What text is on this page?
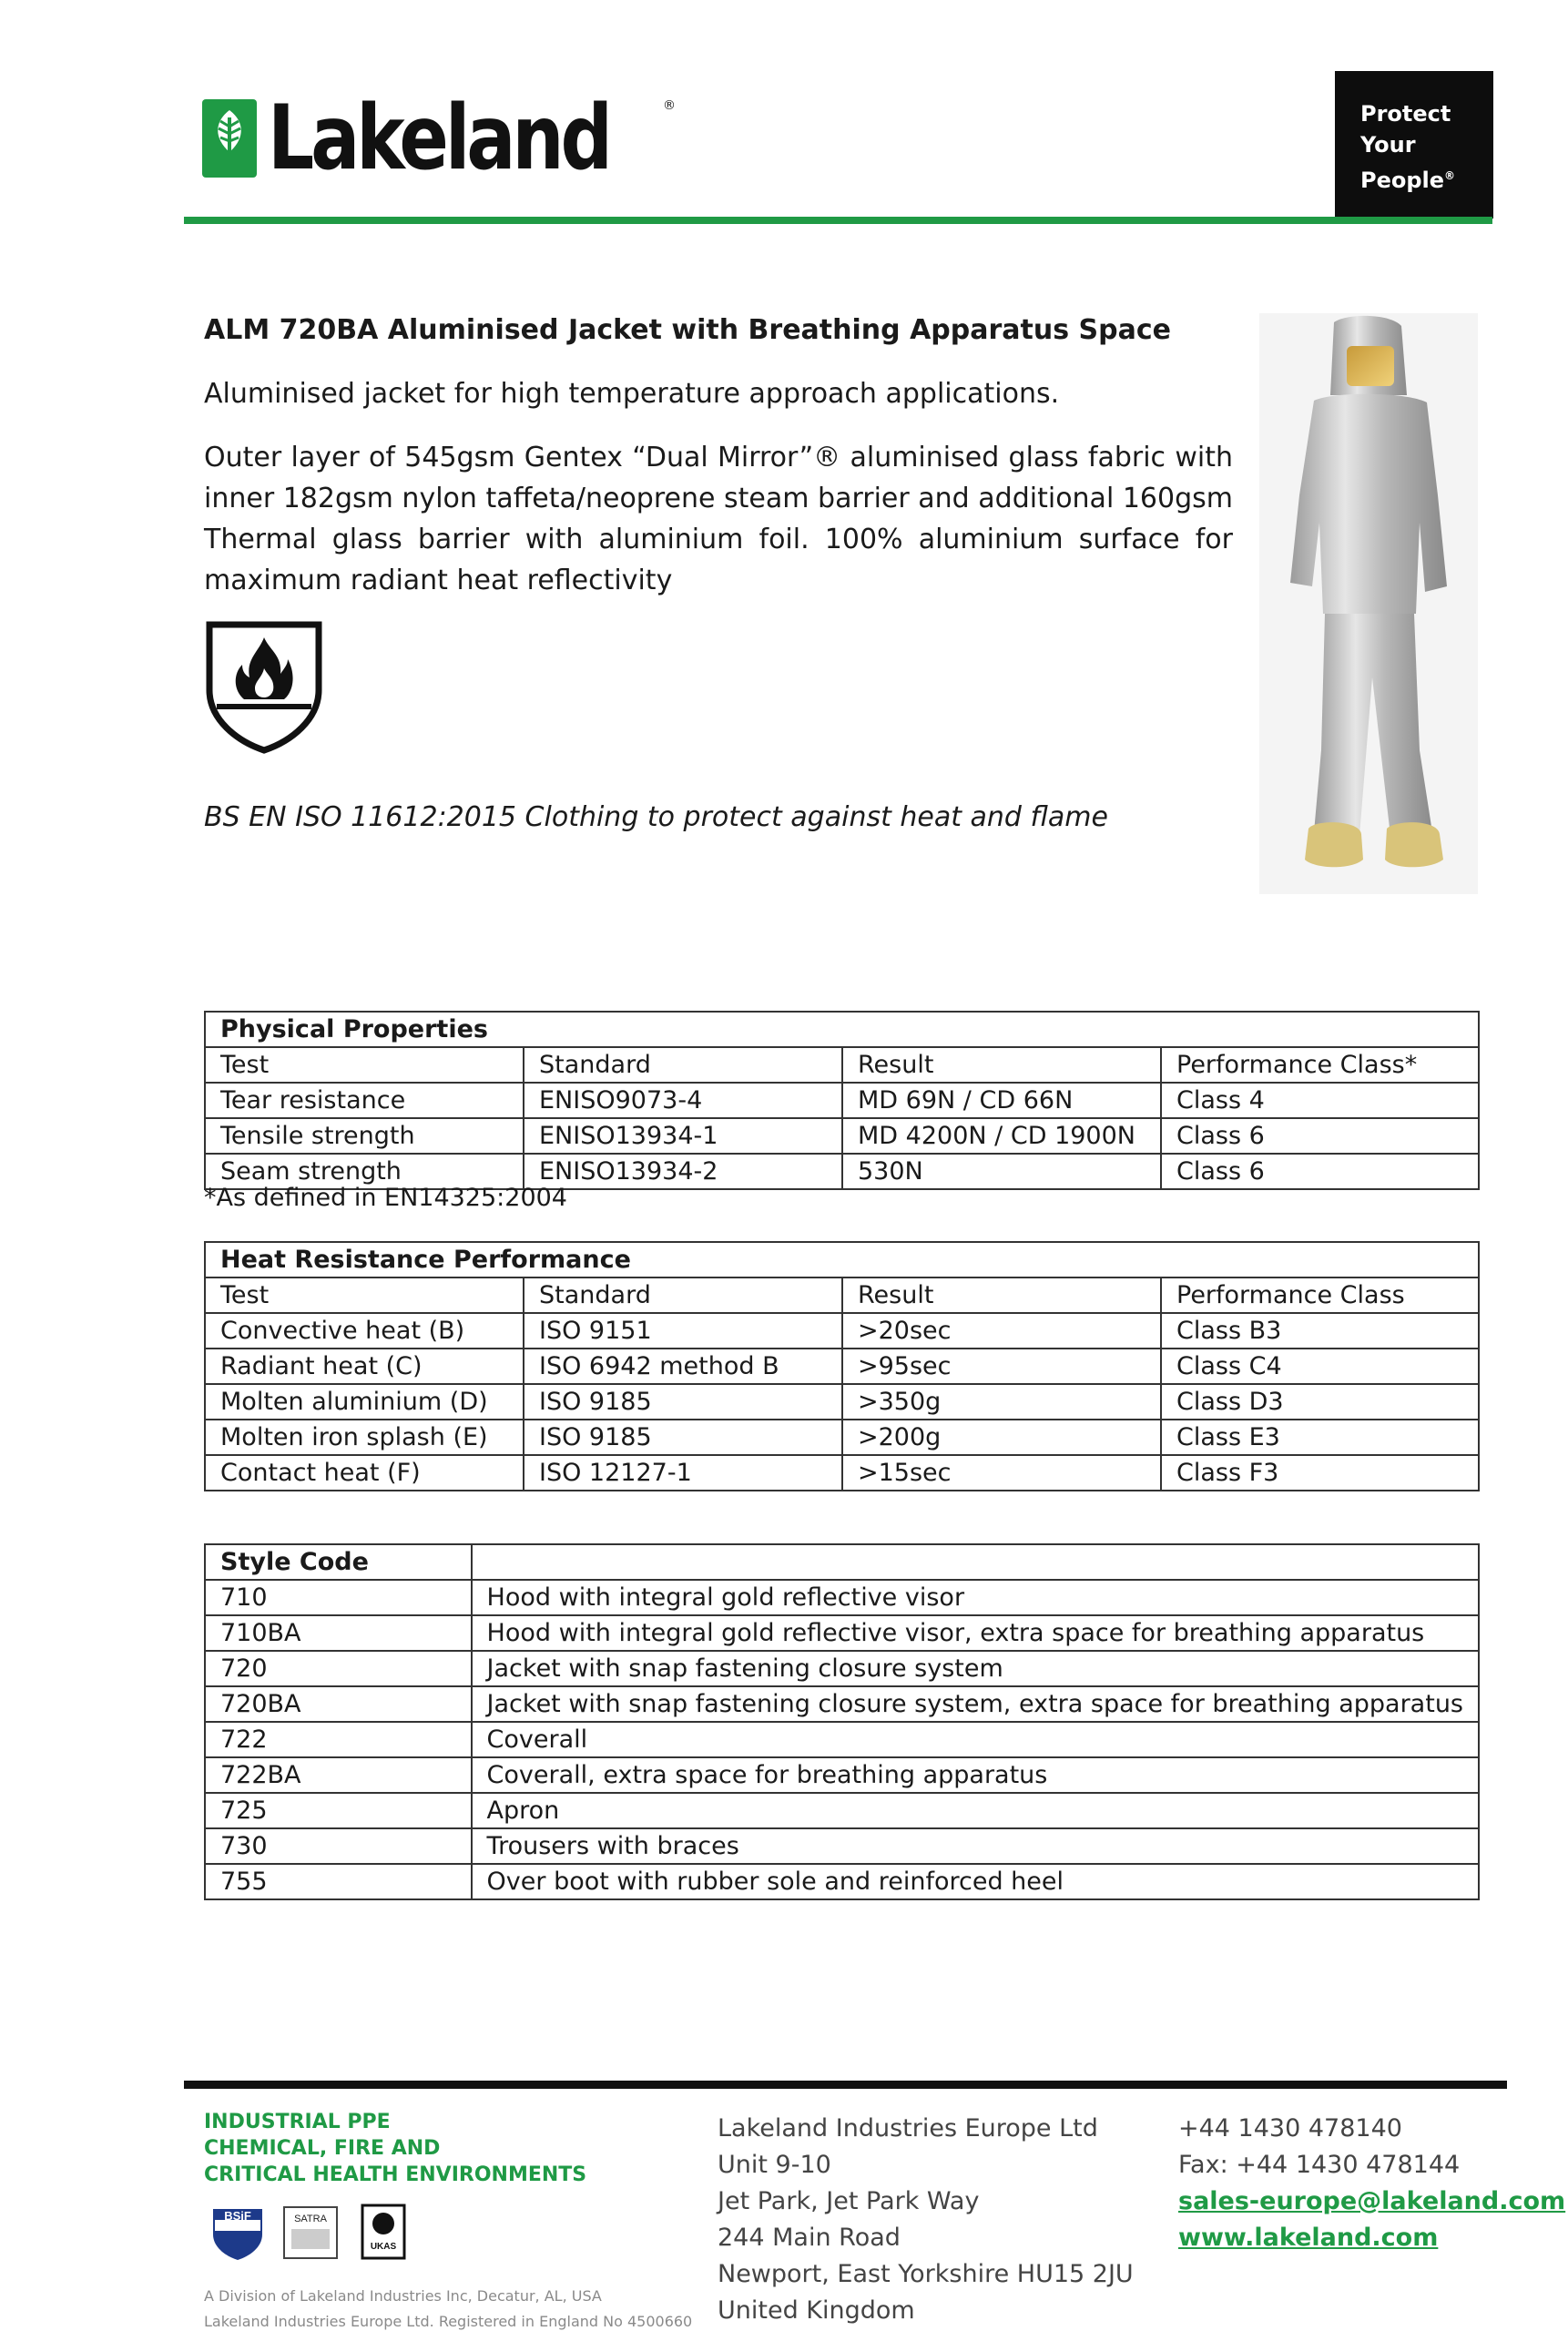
Lakeland	®	Protect
Your
People®
ALM 720BA Aluminised Jacket with Breathing Apparatus Space
Aluminised jacket for high temperature approach applications.
Outer layer of 545gsm Gentex “Dual Mirror”® aluminised glass fabric with inner 182gsm nylon taffeta/neoprene steam barrier and additional 160gsm Thermal glass barrier with aluminium foil. 100% aluminium surface for maximum radiant heat reflectivity
BS EN ISO 11612:2015 Clothing to protect against heat and flame
Physical Properties			
Test	Standard	Result	Performance Class*
Tear resistance	ENISO9073-4	MD 69N / CD 66N	Class 4
Tensile strength	ENISO13934-1	MD 4200N / CD 1900N	Class 6
Seam strength	ENISO13934-2	530N	Class 6
*As defined in EN14325:2004
Heat Resistance Performance			
Test	Standard	Result	Performance Class
Convective heat (B)	ISO 9151	>20sec	Class B3
Radiant heat (C)	ISO 6942 method B	>95sec	Class C4
Molten aluminium (D)	ISO 9185	>350g	Class D3
Molten iron splash (E)	ISO 9185	>200g	Class E3
Contact heat (F)	ISO 12127-1	>15sec	Class F3
Style Code	
710	Hood with integral gold reflective visor
710BA	Hood with integral gold reflective visor, extra space for breathing apparatus
720	Jacket with snap fastening closure system
720BA	Jacket with snap fastening closure system, extra space for breathing apparatus
722	Coverall
722BA	Coverall, extra space for breathing apparatus
725	Apron
730	Trousers with braces
755	Over boot with rubber sole and reinforced heel
INDUSTRIAL PPE
CHEMICAL, FIRE AND
CRITICAL HEALTH ENVIRONMENTS
BSiF	SATRA
UKAS
A Division of Lakeland Industries Inc, Decatur, AL, USA
Lakeland Industries Europe Ltd. Registered in England No 4500660
Lakeland Industries Europe Ltd
Unit 9-10
Jet Park, Jet Park Way
244 Main Road
Newport, East Yorkshire HU15 2JU
United Kingdom
+44 1430 478140
Fax: +44 1430 478144
sales-europe@lakeland.com
www.lakeland.com
